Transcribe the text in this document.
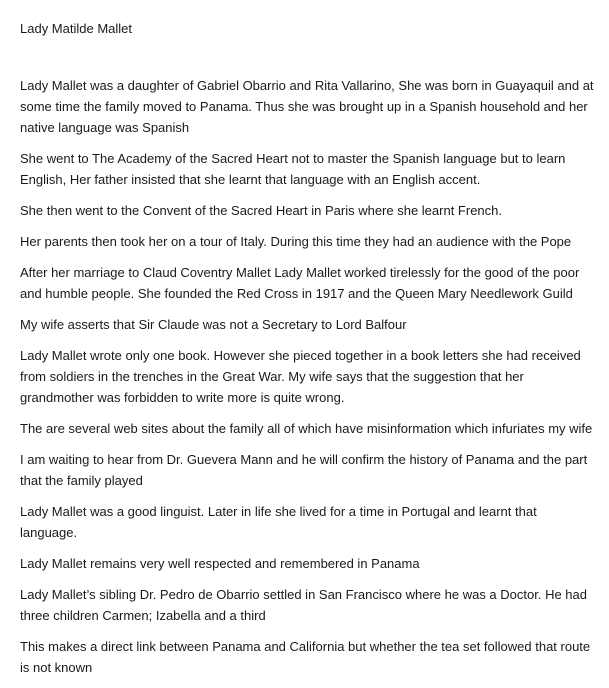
Lady Matilde Mallet

Lady Mallet was a daughter of Gabriel Obarrio and Rita Vallarino, She was born in Guayaquil and at
some time the family moved to Panama. Thus she was brought up in a Spanish household and her
native language was Spanish

She went to The Academy of the Sacred Heart not to master the Spanish language but to learn
English, Her father insisted that she learnt that language with an English accent.

She then went to the Convent of the Sacred Heart in Paris where she learnt French.

Her parents then took her on a tour of Italy. During this time they had an audience with the Pope

After her marriage to Claud Coventry Mallet Lady Mallet worked tirelessly for the good of the poor
and humble people. She founded the Red Cross in 1917 and the Queen Mary Needlework Guild

My wife asserts that Sir Claude was not a Secretary to Lord Balfour

Lady Mallet wrote only one book. However she pieced together in a book letters she had received
from soldiers in the trenches in the Great War. My wife says that the suggestion that her
grandmother was forbidden to write more is quite wrong.

The are several web sites about the family all of which have misinformation which infuriates my wife

I am waiting to hear from Dr. Guevera Mann and he will confirm the history of Panama and the part
that the family played

Lady Mallet was a good linguist. Later in life she lived for a time in Portugal and learnt that
language.

Lady Mallet remains very well respected and remembered in Panama

Lady Mallet’s sibling Dr. Pedro de Obarrio settled in San Francisco where he was a Doctor. He had
three children Carmen; Izabella and a third

This makes a direct link between Panama and California but whether the tea set followed that route
is not known
